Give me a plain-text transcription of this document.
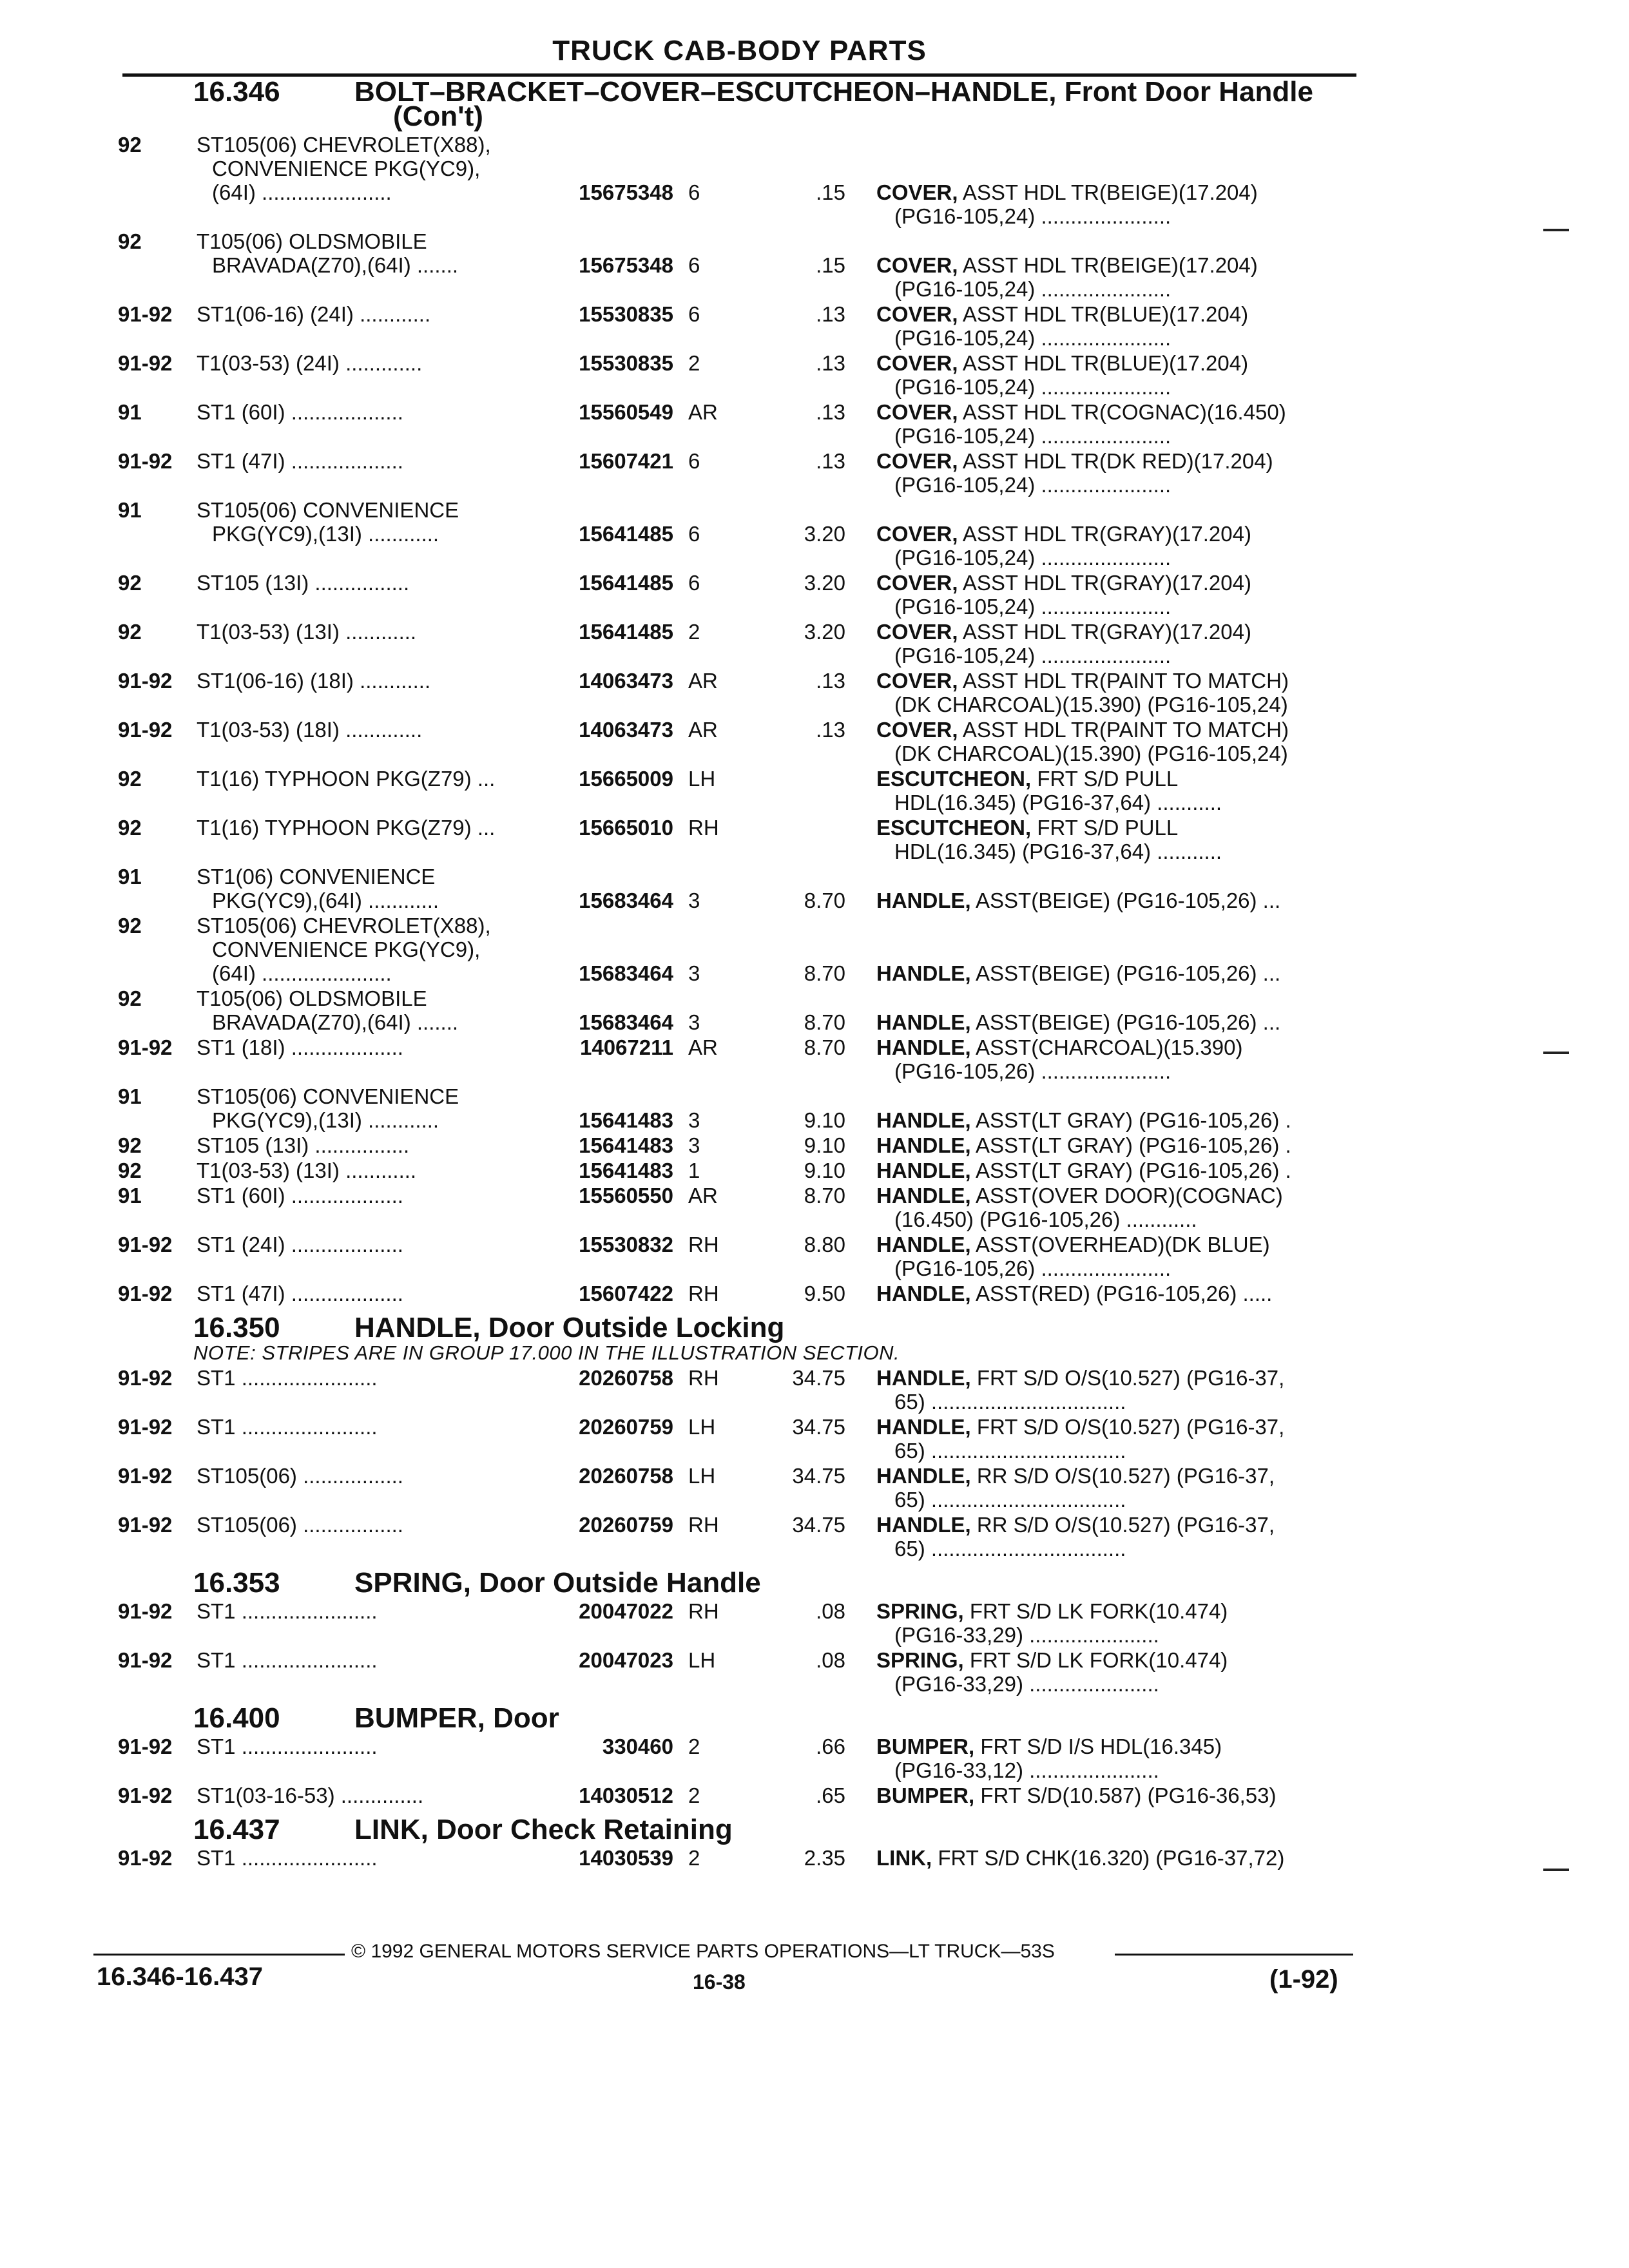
TRUCK CAB-BODY PARTS
16.346	BOLT–BRACKET–COVER–ESCUTCHEON–HANDLE, Front Door Handle
(Con't)
92	ST105(06) CHEVROLET(X88),
CONVENIENCE PKG(YC9),
(64I) ......................	15675348 6	.15 COVER, ASST HDL TR(BEIGE)(17.204)
(PG16-105,24) ......................
92	T105(06) OLDSMOBILE
BRAVADA(Z70),(64I) .......	15675348 6	.15 COVER, ASST HDL TR(BEIGE)(17.204)
(PG16-105,24) ......................
91-92 ST1(06-16) (24I) ............	15530835 6	.13 COVER, ASST HDL TR(BLUE)(17.204)
(PG16-105,24) ......................
91-92 T1(03-53) (24I) .............	15530835 2	.13 COVER, ASST HDL TR(BLUE)(17.204)
(PG16-105,24) ......................
91	ST1 (60I) ...................	15560549 AR	.13 COVER, ASST HDL TR(COGNAC)(16.450)
(PG16-105,24) ......................
91-92 ST1 (47I) ...................	15607421 6	.13 COVER, ASST HDL TR(DK RED)(17.204)
(PG16-105,24) ......................
91	ST105(06) CONVENIENCE
PKG(YC9),(13I) ............	15641485 6	3.20 COVER, ASST HDL TR(GRAY)(17.204)
(PG16-105,24) ......................
92	ST105 (13I) ................	15641485 6	3.20 COVER, ASST HDL TR(GRAY)(17.204)
(PG16-105,24) ......................
92	T1(03-53) (13I) ............	15641485 2	3.20 COVER, ASST HDL TR(GRAY)(17.204)
(PG16-105,24) ......................
91-92 ST1(06-16) (18I) ............	14063473 AR	.13 COVER, ASST HDL TR(PAINT TO MATCH)
(DK CHARCOAL)(15.390) (PG16-105,24)
91-92 T1(03-53) (18I) .............	14063473 AR	.13 COVER, ASST HDL TR(PAINT TO MATCH)
(DK CHARCOAL)(15.390) (PG16-105,24)
92	T1(16) TYPHOON PKG(Z79) ...	15665009 LH	ESCUTCHEON, FRT S/D PULL
HDL(16.345) (PG16-37,64) ...........
92	T1(16) TYPHOON PKG(Z79) ...	15665010 RH	ESCUTCHEON, FRT S/D PULL
HDL(16.345) (PG16-37,64) ...........
91	ST1(06) CONVENIENCE
PKG(YC9),(64I) ............	15683464 3	8.70 HANDLE, ASST(BEIGE) (PG16-105,26) ...
92	ST105(06) CHEVROLET(X88),
CONVENIENCE PKG(YC9),
(64I) ......................	15683464 3	8.70 HANDLE, ASST(BEIGE) (PG16-105,26) ...
92	T105(06) OLDSMOBILE
BRAVADA(Z70),(64I) .......	15683464 3	8.70 HANDLE, ASST(BEIGE) (PG16-105,26) ...
91-92 ST1 (18I) ...................	14067211 AR	8.70 HANDLE, ASST(CHARCOAL)(15.390)
(PG16-105,26) ......................
91	ST105(06) CONVENIENCE
PKG(YC9),(13I) ............	15641483 3	9.10 HANDLE, ASST(LT GRAY) (PG16-105,26) .
92	ST105 (13I) ................	15641483 3	9.10 HANDLE, ASST(LT GRAY) (PG16-105,26) .
92	T1(03-53) (13I) ............	15641483 1	9.10 HANDLE, ASST(LT GRAY) (PG16-105,26) .
91	ST1 (60I) ...................	15560550 AR	8.70 HANDLE, ASST(OVER DOOR)(COGNAC)
(16.450) (PG16-105,26) ............
91-92 ST1 (24I) ...................	15530832 RH	8.80 HANDLE, ASST(OVERHEAD)(DK BLUE)
(PG16-105,26) ......................
91-92 ST1 (47I) ...................	15607422 RH	9.50 HANDLE, ASST(RED) (PG16-105,26) .....
16.350	HANDLE, Door Outside Locking
NOTE: STRIPES ARE IN GROUP 17.000 IN THE ILLUSTRATION SECTION.
91-92 ST1 .......................	20260758 RH	34.75 HANDLE, FRT S/D O/S(10.527) (PG16-37,
65) .................................
91-92 ST1 .......................	20260759 LH	34.75 HANDLE, FRT S/D O/S(10.527) (PG16-37,
65) .................................
91-92 ST105(06) .................	20260758 LH	34.75 HANDLE, RR S/D O/S(10.527) (PG16-37,
65) .................................
91-92 ST105(06) .................	20260759 RH	34.75 HANDLE, RR S/D O/S(10.527) (PG16-37,
65) .................................
16.353	SPRING, Door Outside Handle
91-92 ST1 .......................	20047022 RH	.08 SPRING, FRT S/D LK FORK(10.474)
(PG16-33,29) ......................
91-92 ST1 .......................	20047023 LH	.08 SPRING, FRT S/D LK FORK(10.474)
(PG16-33,29) ......................
16.400	BUMPER, Door
91-92 ST1 .......................	330460 2	.66 BUMPER, FRT S/D I/S HDL(16.345)
(PG16-33,12) ......................
91-92 ST1(03-16-53) ..............	14030512 2	.65 BUMPER, FRT S/D(10.587) (PG16-36,53)
16.437	LINK, Door Check Retaining
91-92 ST1 .......................	14030539 2	2.35 LINK, FRT S/D CHK(16.320) (PG16-37,72)
© 1992 GENERAL MOTORS SERVICE PARTS OPERATIONS—LT TRUCK—53S
16.346-16.437	16-38	(1-92)
